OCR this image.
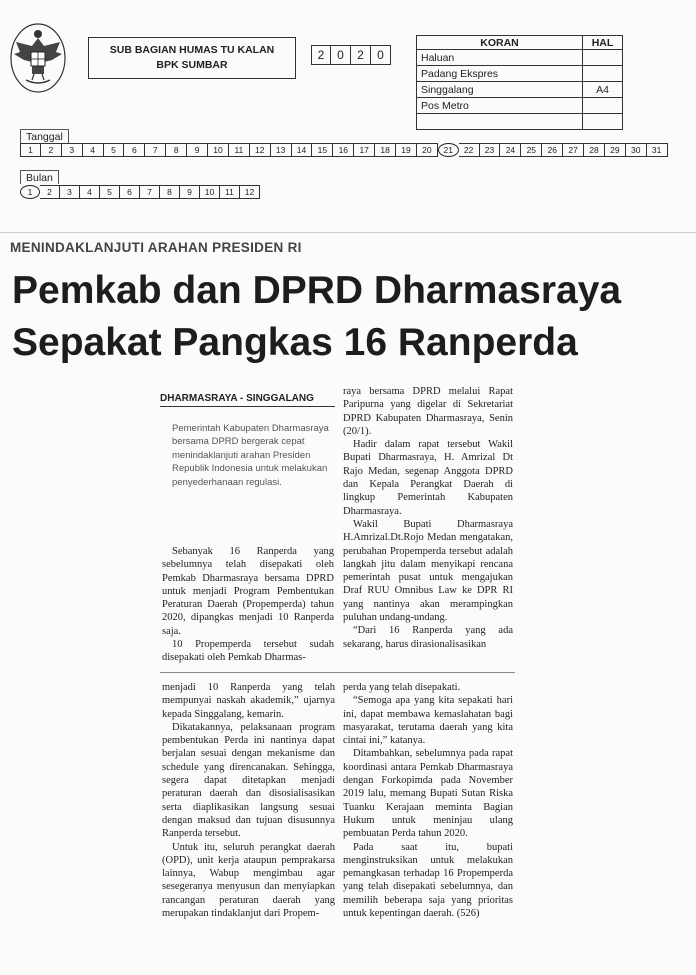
SUB BAGIAN HUMAS TU KALAN
BPK SUMBAR
2	0	2	0
KORAN	HAL
Haluan	
Padang Ekspres	
Singgalang	A4
Pos Metro	

Tanggal
1	2	3	4	5	6	7	8	9	10	11	12	13	14	15	16	17	18	19	20	21	22	23	24	25	26	27	28	29	30	31
Bulan
1	2	3	4	5	6	7	8	9	10	11	12
MENINDAKLANJUTI ARAHAN PRESIDEN RI
Pemkab dan DPRD Dharmasraya
Sepakat Pangkas 16 Ranperda
DHARMASRAYA - SINGGALANG
Pemerintah Kabupaten Dharmasraya bersama DPRD bergerak cepat menindaklanjuti arahan Presiden Republik Indonesia untuk melakukan penyederhanaan regulasi.

Sebanyak 16 Ranperda yang sebelumnya telah disepakati oleh Pemkab Dharmasraya bersama DPRD untuk menjadi Program Pembentukan Peraturan Daerah (Propemperda) tahun 2020, dipangkas menjadi 10 Ranperda saja.

10 Propemperda tersebut sudah disepakati oleh Pemkab Dharmas-

raya bersama DPRD melalui Rapat Paripurna yang digelar di Sekretariat DPRD Kabupaten Dharmasraya, Senin (20/1).

Hadir dalam rapat tersebut Wakil Bupati Dharmasraya, H. Amrizal Dt Rajo Medan, segenap Anggota DPRD dan Kepala Perangkat Daerah di lingkup Pemerintah Kabupaten Dharmasraya.

Wakil Bupati Dharmasraya H.Amrizal.Dt.Rojo Medan mengatakan, perubahan Propemperda tersebut adalah langkah jitu dalam menyikapi rencana pemerintah pusat untuk mengajukan Draf RUU Omnibus Law ke DPR RI yang nantinya akan merampingkan puluhan undang-undang.

“Dari 16 Ranperda yang ada sekarang, harus dirasionalisasikan

menjadi 10 Ranperda yang telah mempunyai naskah akademik,” ujarnya kepada Singgalang, kemarin.

Dikatakannya, pelaksanaan program pembentukan Perda ini nantinya dapat berjalan sesuai dengan mekanisme dan schedule yang direncanakan. Sehingga, segera dapat ditetapkan menjadi peraturan daerah dan disosialisasikan serta diaplikasikan langsung sesuai dengan maksud dan tujuan disusunnya Ranperda tersebut.

Untuk itu, seluruh perangkat daerah (OPD), unit kerja ataupun pemprakarsa lainnya, Wabup mengimbau agar sesegeranya menyusun dan menyiapkan rancangan peraturan daerah yang merupakan tindaklanjut dari Propem-

perda yang telah disepakati.

“Semoga apa yang kita sepakati hari ini, dapat membawa kemaslahatan bagi masyarakat, terutama daerah yang kita cintai ini,” katanya.

Ditambahkan, sebelumnya pada rapat koordinasi antara Pemkab Dharmasraya dengan Forkopimda pada November 2019 lalu, memang Bupati Sutan Riska Tuanku Kerajaan meminta Bagian Hukum untuk meninjau ulang pembuatan Perda tahun 2020.

Pada saat itu, bupati menginstruksikan untuk melakukan pemangkasan terhadap 16 Propemperda yang telah disepakati sebelumnya, dan memilih beberapa saja yang prioritas untuk kepentingan daerah. (526)
